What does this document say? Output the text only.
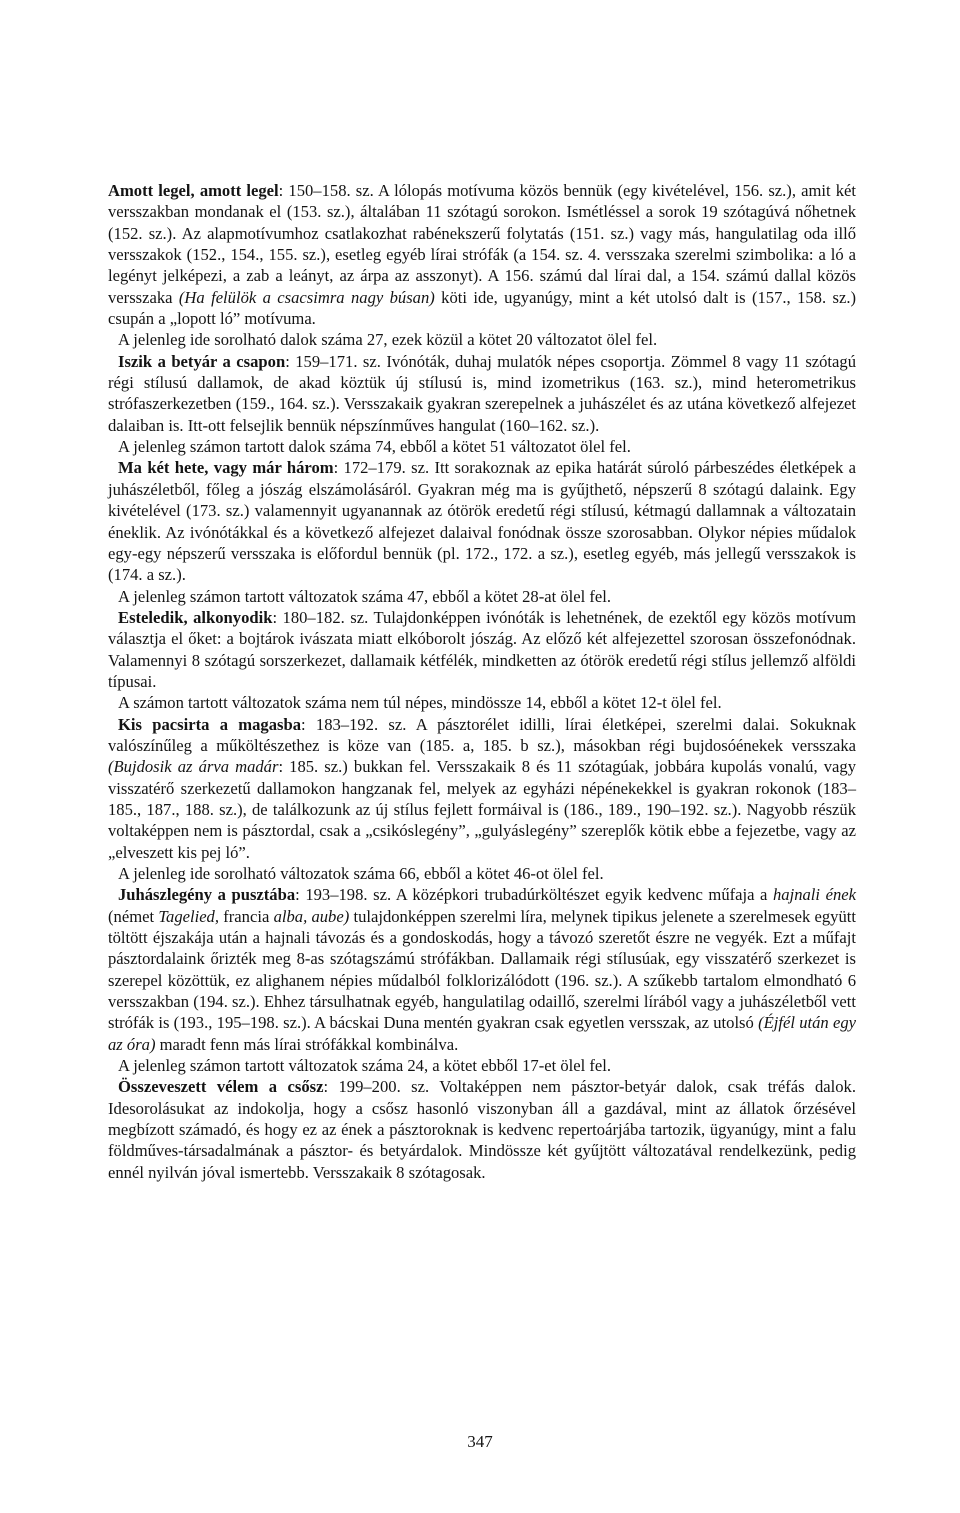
Amott legel, amott legel: 150–158. sz. A lólopás motívuma közös bennük (egy kivételével, 156. sz.), amit két versszakban mondanak el (153. sz.), általában 11 szótagú sorokon. Ismétléssel a sorok 19 szótagúvá nőhetnek (152. sz.). Az alapmotívumhoz csatlakozhat rabénekszerű folytatás (151. sz.) vagy más, hangulatilag oda illő versszakok (152., 154., 155. sz.), esetleg egyéb lírai strófák (a 154. sz. 4. versszaka szerelmi szimbolika: a ló a legényt jelképezi, a zab a leányt, az árpa az asszonyt). A 156. számú dal lírai dal, a 154. számú dallal közös versszaka (Ha felülök a csacsimra nagy búsan) köti ide, ugyanúgy, mint a két utolsó dalt is (157., 158. sz.) csupán a „lopott ló” motívuma.

A jelenleg ide sorolható dalok száma 27, ezek közül a kötet 20 változatot ölel fel.

Iszik a betyár a csapon: 159–171. sz. Ivónóták, duhaj mulatók népes csoportja. Zömmel 8 vagy 11 szótagú régi stílusú dallamok, de akad köztük új stílusú is, mind izometrikus (163. sz.), mind heterometrikus strófaszerkezetben (159., 164. sz.). Versszakaik gyakran szerepelnek a juhászélet és az utána következő alfejezet dalaiban is. Itt-ott felsejlik bennük népszínműves hangulat (160–162. sz.).

A jelenleg számon tartott dalok száma 74, ebből a kötet 51 változatot ölel fel.

Ma két hete, vagy már három: 172–179. sz. Itt sorakoznak az epika határát súroló párbeszédes életképek a juhászéletből, főleg a jószág elszámolásáról. Gyakran még ma is gyűjthető, népszerű 8 szótagú dalaink. Egy kivételével (173. sz.) valamennyit ugyanannak az ótörök eredetű régi stílusú, kétmagú dallamnak a változatain éneklik. Az ivónótákkal és a következő alfejezet dalaival fonódnak össze szorosabban. Olykor népies műdalok egy-egy népszerű versszaka is előfordul bennük (pl. 172., 172. a sz.), esetleg egyéb, más jellegű versszakok is (174. a sz.).

A jelenleg számon tartott változatok száma 47, ebből a kötet 28-at ölel fel.

Esteledik, alkonyodik: 180–182. sz. Tulajdonképpen ivónóták is lehetnének, de ezektől egy közös motívum választja el őket: a bojtárok ivászata miatt elkóborolt jószág. Az előző két alfejezettel szorosan összefonódnak. Valamennyi 8 szótagú sorszerkezet, dallamaik kétfélék, mindketten az ótörök eredetű régi stílus jellemző alföldi típusai.

A számon tartott változatok száma nem túl népes, mindössze 14, ebből a kötet 12-t ölel fel.

Kis pacsirta a magasba: 183–192. sz. A pásztorélet idilli, lírai életképei, szerelmi dalai. Sokuknak valószínűleg a műköltészethez is köze van (185. a, 185. b sz.), másokban régi bujdosóénekek versszaka (Bujdosik az árva madár: 185. sz.) bukkan fel. Versszakaik 8 és 11 szótagúak, jobbára kupolás vonalú, vagy visszatérő szerkezetű dallamokon hangzanak fel, melyek az egyházi népénekekkel is gyakran rokonok (183–185., 187., 188. sz.), de találkozunk az új stílus fejlett formáival is (186., 189., 190–192. sz.). Nagyobb részük voltaképpen nem is pásztordal, csak a „csikóslegény”, „gulyáslegény” szereplők kötik ebbe a fejezetbe, vagy az „elveszett kis pej ló”.

A jelenleg ide sorolható változatok száma 66, ebből a kötet 46-ot ölel fel.

Juhászlegény a pusztába: 193–198. sz. A középkori trubadúrköltészet egyik kedvenc műfaja a hajnali ének (német Tagelied, francia alba, aube) tulajdonképpen szerelmi líra, melynek tipikus jelenete a szerelmesek együtt töltött éjszakája után a hajnali távozás és a gondoskodás, hogy a távozó szeretőt észre ne vegyék. Ezt a műfajt pásztordalaink őrizték meg 8-as szótagszámú strófákban. Dallamaik régi stílusúak, egy visszatérő szerkezet is szerepel közöttük, ez alighanem népies műdalból folklorizálódott (196. sz.). A szűkebb tartalom elmondható 6 versszakban (194. sz.). Ehhez társulhatnak egyéb, hangulatilag odaillő, szerelmi lírából vagy a juhászéletből vett strófák is (193., 195–198. sz.). A bácskai Duna mentén gyakran csak egyetlen versszak, az utolsó (Éjfél után egy az óra) maradt fenn más lírai strófákkal kombinálva.

A jelenleg számon tartott változatok száma 24, a kötet ebből 17-et ölel fel.

Összeveszett vélem a csősz: 199–200. sz. Voltaképpen nem pásztor-betyár dalok, csak tréfás dalok. Idesorolásukat az indokolja, hogy a csősz hasonló viszonyban áll a gazdával, mint az állatok őrzésével megbízott számadó, és hogy ez az ének a pásztoroknak is kedvenc repertoárjába tartozik, ügyanúgy, mint a falu földműves-társadalmának a pásztor- és betyárdalok. Mindössze két gyűjtött változatával rendelkezünk, pedig ennél nyilván jóval ismertebb. Versszakaik 8 szótagosak.

347
